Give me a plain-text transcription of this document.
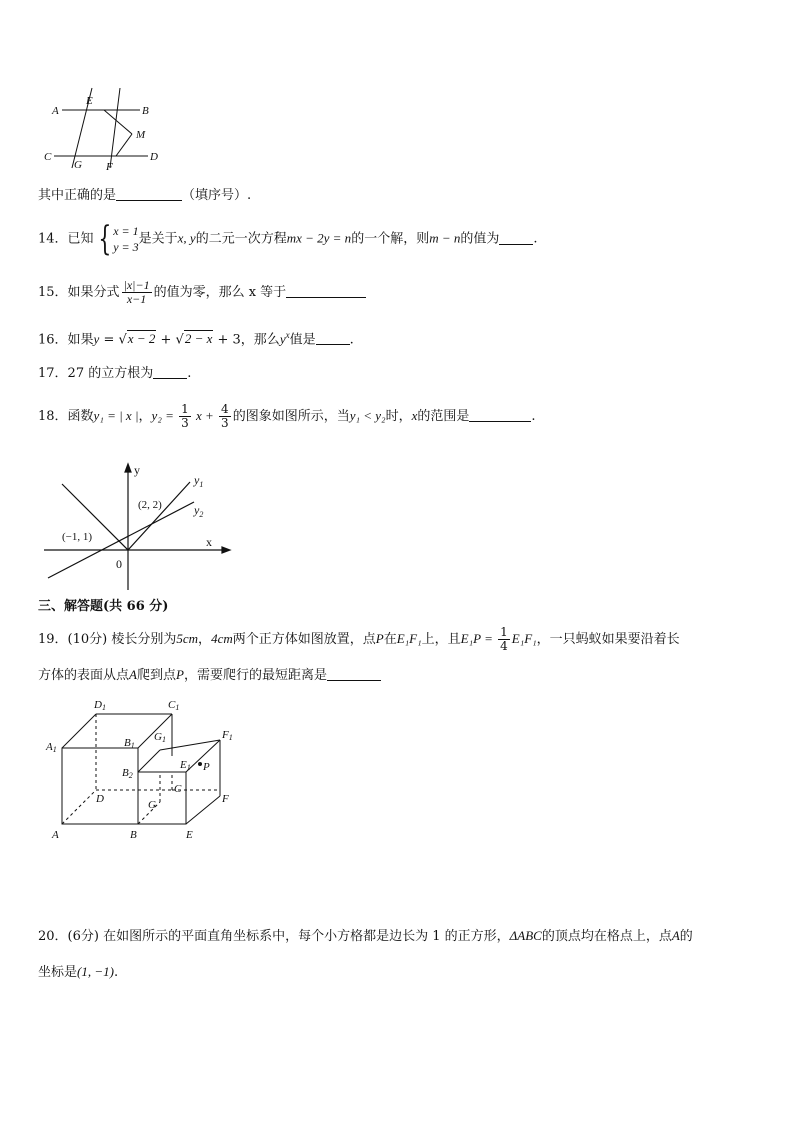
A
E
B
M
C
G F
D
其中正确的是	（填序号）.
14．已知 { x = 1
y = 3
是关于x, y的二元一次方程mx − 2y = n的一个解，则m − n的值为	.
15．如果分式 $\frac{|x|-1}{x-1}$ 的值为零，那么 x 等于
16．如果y = √x − 2 + √2 − x + 3，那么$y^x$值是	.
17．27 的立方根为	.
18．函数y₁ = | x |，$y_2 = \frac{1}{3}$ $x + \frac{4}{3}$ 的图象如图所示，当y₁ < y₂时，x的范围是	.
y
x
0
(−1, 1)
(2, 2)
$y_1$
$y_2$
三、解答题(共 66 分)
19．(10分) 棱长分别为5cm，4cm两个正方体如图放置，点P在E₁F₁上，且$E_1P = \frac{1}{4} E_1F_1$，一只蚂蚁如果要沿着长
方体的表面从点A爬到点P，需要爬行的最短距离是
A1
D1	C1
B1
G1	F1
B2
E1 P
D
C
G	F
A	B	E
20．(6分) 在如图所示的平面直角坐标系中，每个小方格都是边长为 1 的正方形，ΔABC的顶点均在格点上，点A的
坐标是(1, −1).
